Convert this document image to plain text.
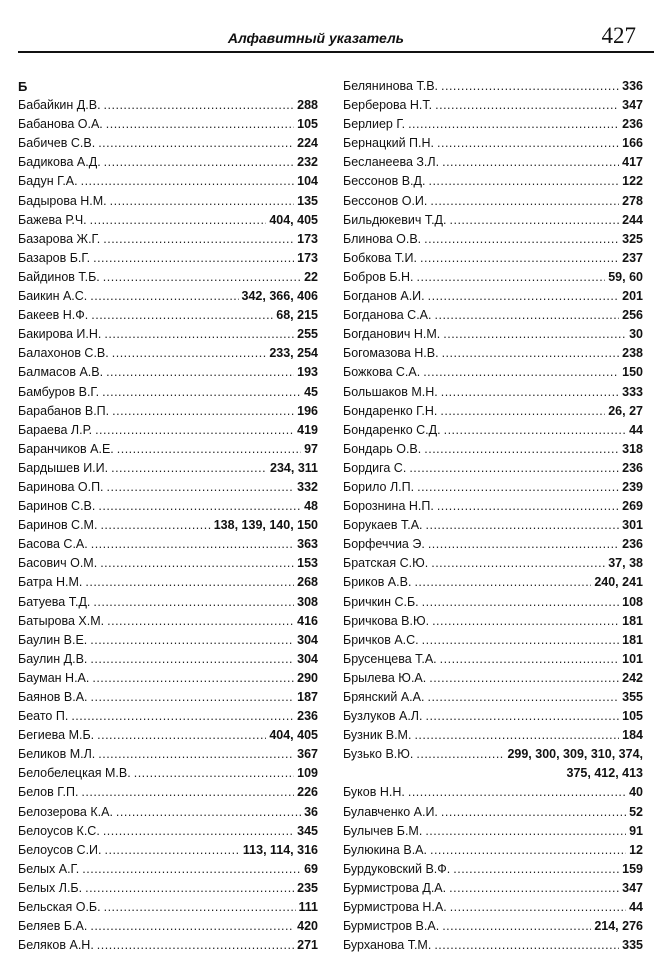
Алфавитный указатель	427
Б
Бабайкин Д.В. .....	288
Бабанова О.А. .....	105
Бабичев С.В. .....	224
Бадикова А.Д. .....	232
Бадун Г.А. .....	104
Бадырова Н.М. .....	135
Бажева Р.Ч. .....	404, 405
Базарова Ж.Г. .....	173
Базаров Б.Г. .....	173
Байдинов Т.Б. .....	22
Баикин А.С. .....	342, 366, 406
Бакеев Н.Ф. .....	68, 215
Бакирова И.Н. .....	255
Балахонов С.В. .....	233, 254
Балмасов А.В. .....	193
Бамбуров В.Г. .....	45
Барабанов В.П. .....	196
Бараева Л.Р. .....	419
Баранчиков А.Е. .....	97
Бардышев И.И. .....	234, 311
Баринова О.П. .....	332
Баринов С.В. .....	48
Баринов С.М. .....	138, 139, 140, 150
Басова С.А. .....	363
Басович О.М. .....	153
Батра Н.М. .....	268
Батуева Т.Д. .....	308
Батырова Х.М. .....	416
Баулин В.Е. .....	304
Баулин Д.В. .....	304
Бауман Н.А. .....	290
Баянов В.А. .....	187
Беато П. .....	236
Бегиева М.Б. .....	404, 405
Беликов М.Л. .....	367
Белобелецкая М.В. .....	109
Белов Г.П. .....	226
Белозерова К.А. .....	36
Белоусов К.С. .....	345
Белоусов С.И. .....	113, 114, 316
Белых А.Г. .....	69
Белых Л.Б. .....	235
Бельская О.Б. .....	111
Беляев Б.А. .....	420
Беляков А.Н. .....	271
Белянинова Т.В. .....	336
Берберова Н.Т. .....	347
Берлиер Г. .....	236
Бернацкий П.Н. .....	166
Бесланеева З.Л. .....	417
Бессонов В.Д. .....	122
Бессонов О.И. .....	278
Бильдюкевич Т.Д. .....	244
Блинова О.В. .....	325
Бобкова Т.И. .....	237
Бобров Б.Н. .....	59, 60
Богданов А.И. .....	201
Богданова С.А. .....	256
Богданович Н.М. .....	30
Богомазова Н.В. .....	238
Божкова С.А. .....	150
Большаков М.Н. .....	333
Бондаренко Г.Н. .....	26, 27
Бондаренко С.Д. .....	44
Бондарь О.В. .....	318
Бордига С. .....	236
Борило Л.П. .....	239
Борознина Н.П. .....	269
Борукаев Т.А. .....	301
Борфеччиа Э. .....	236
Братская С.Ю. .....	37, 38
Бриков А.В. .....	240, 241
Бричкин С.Б. .....	108
Бричкова В.Ю. .....	181
Бричков А.С. .....	181
Брусенцева Т.А. .....	101
Брылева Ю.А. .....	242
Брянский А.А. .....	355
Бузлуков А.Л. .....	105
Бузник В.М. .....	184
Бузько В.Ю. .....	299, 300, 309, 310, 374,
375, 412, 413
Буков Н.Н. .....	40
Булавченко А.И. .....	52
Булычев Б.М. .....	91
Булюкина В.А. .....	12
Бурдуковский В.Ф. .....	159
Бурмистрова Д.А. .....	347
Бурмистрова Н.А. .....	44
Бурмистров В.А. .....	214, 276
Бурханова Т.М. .....	335
